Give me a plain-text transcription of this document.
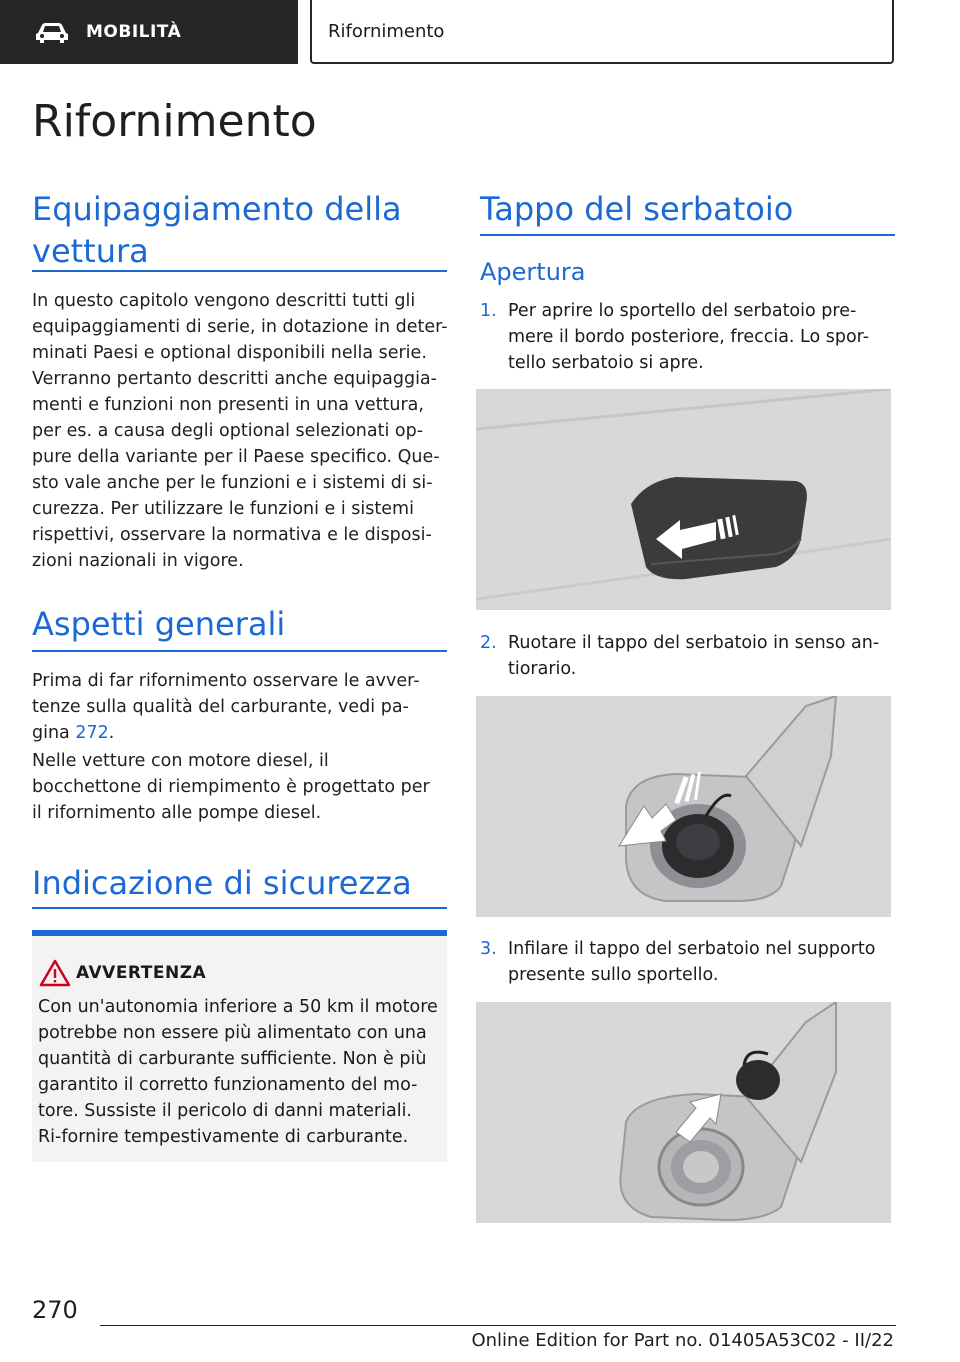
MOBILITÀ	Rifornimento
Rifornimento
Equipaggiamento della vettura

In questo capitolo vengono descritti tutti gli equipaggiamenti di serie, in dotazione in deter-minati Paesi e optional disponibili nella serie. Verranno pertanto descritti anche equipaggia-menti e funzioni non presenti in una vettura, per es. a causa degli optional selezionati op-pure della variante per il Paese specifico. Que-sto vale anche per le funzioni e i sistemi di si-curezza. Per utilizzare le funzioni e i sistemi rispettivi, osservare la normativa e le disposi-zioni nazionali in vigore.

Aspetti generali

Prima di far rifornimento osservare le avver-tenze sulla qualità del carburante, vedi pa-gina 272.

Nelle vetture con motore diesel, il bocchettone di riempimento è progettato per il rifornimento alle pompe diesel.

Indicazione di sicurezza
AVVERTENZA
Con un'autonomia inferiore a 50 km il motore potrebbe non essere più alimentato con una quantità di carburante sufficiente. Non è più garantito il corretto funzionamento del mo-tore. Sussiste il pericolo di danni materiali. Ri-fornire tempestivamente di carburante.
Tappo del serbatoio
Apertura
1. Per aprire lo sportello del serbatoio pre-mere il bordo posteriore, freccia. Lo spor-tello serbatoio si apre.
2. Ruotare il tappo del serbatoio in senso an-tiorario.
3. Infilare il tappo del serbatoio nel supporto presente sullo sportello.
270
Online Edition for Part no. 01405A53C02 - II/22
